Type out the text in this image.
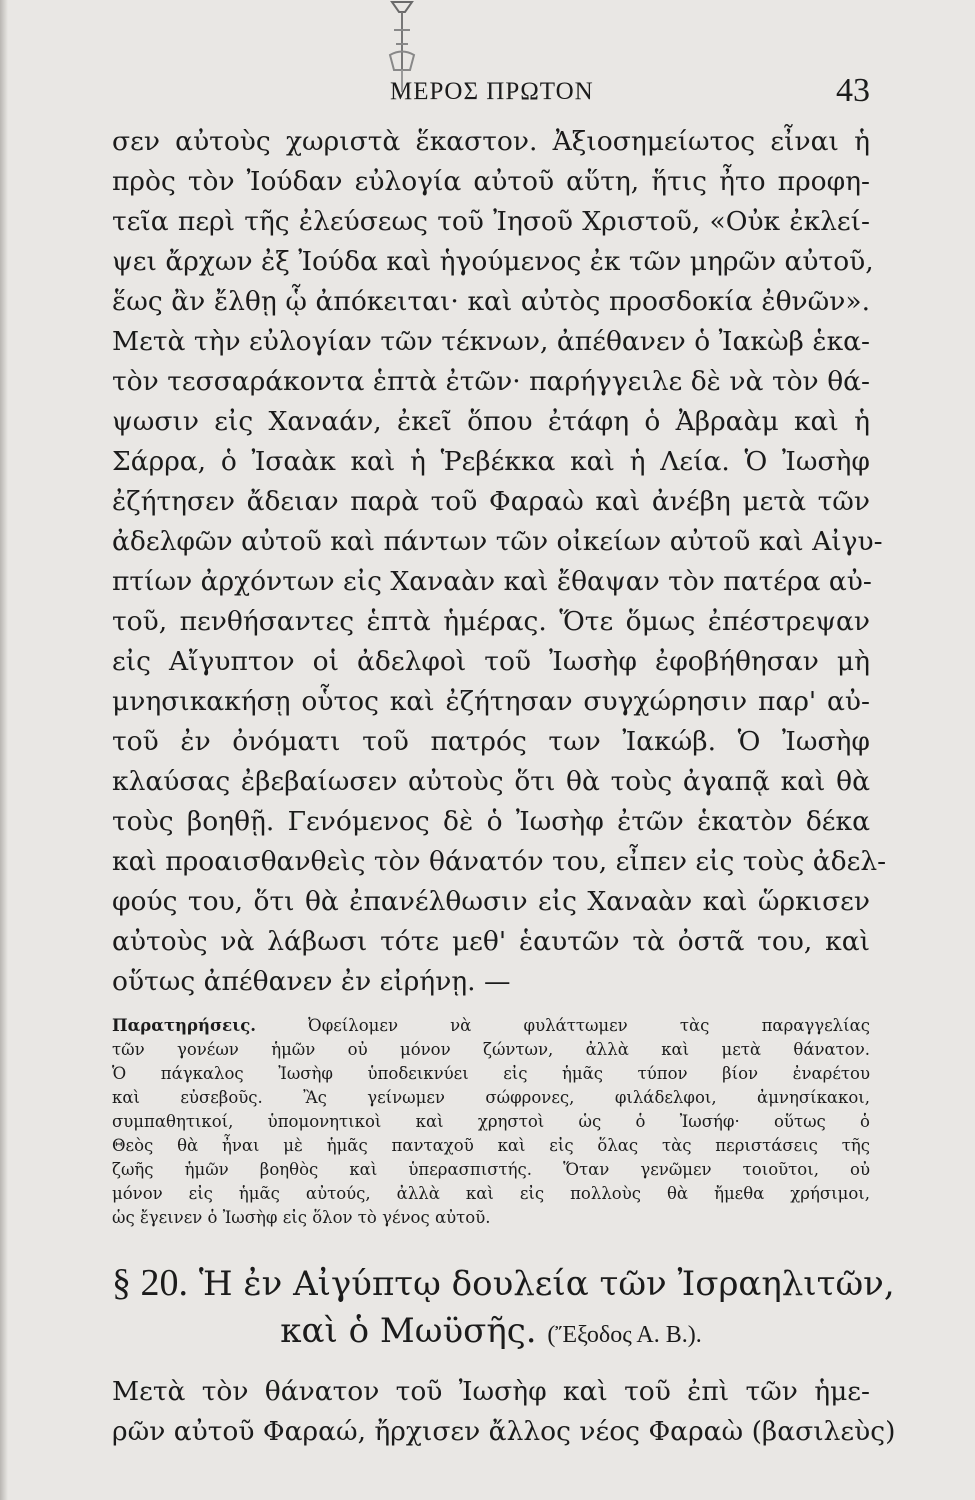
ΜΕΡΟΣ ΠΡΩΤΟΝ	43
σεν αὐτοὺς χωριστὰ ἕκαστον. Ἀξιοσημείωτος εἶναι ἡ
πρὸς τὸν Ἰούδαν εὐλογία αὐτοῦ αὕτη, ἥτις ἦτο προφη-
τεῖα περὶ τῆς ἐλεύσεως τοῦ Ἰησοῦ Χριστοῦ, «Οὐκ ἐκλεί-
ψει ἄρχων ἐξ Ἰούδα καὶ ἡγούμενος ἐκ τῶν μηρῶν αὐτοῦ,
ἕως ἂν ἔλθῃ ᾧ ἀπόκειται· καὶ αὐτὸς προσδοκία ἐθνῶν».
Μετὰ τὴν εὐλογίαν τῶν τέκνων, ἀπέθανεν ὁ Ἰακὼβ ἑκα-
τὸν τεσσαράκοντα ἑπτὰ ἐτῶν· παρήγγειλε δὲ νὰ τὸν θά-
ψωσιν εἰς Χαναάν, ἐκεῖ ὅπου ἐτάφη ὁ Ἀβραὰμ καὶ ἡ
Σάρρα, ὁ Ἰσαὰκ καὶ ἡ Ῥεβέκκα καὶ ἡ Λεία. Ὁ Ἰωσὴφ
ἐζήτησεν ἄδειαν παρὰ τοῦ Φαραὼ καὶ ἀνέβη μετὰ τῶν
ἀδελφῶν αὐτοῦ καὶ πάντων τῶν οἰκείων αὐτοῦ καὶ Αἰγυ-
πτίων ἀρχόντων εἰς Χαναὰν καὶ ἔθαψαν τὸν πατέρα αὐ-
τοῦ, πενθήσαντες ἑπτὰ ἡμέρας. Ὅτε ὅμως ἐπέστρεψαν
εἰς Αἴγυπτον οἱ ἀδελφοὶ τοῦ Ἰωσὴφ ἐφοβήθησαν μὴ
μνησικακήσῃ οὗτος καὶ ἐζήτησαν συγχώρησιν παρ' αὐ-
τοῦ ἐν ὀνόματι τοῦ πατρός των Ἰακώβ. Ὁ Ἰωσὴφ
κλαύσας ἐβεβαίωσεν αὐτοὺς ὅτι θὰ τοὺς ἀγαπᾷ καὶ θὰ
τοὺς βοηθῇ. Γενόμενος δὲ ὁ Ἰωσὴφ ἐτῶν ἑκατὸν δέκα
καὶ προαισθανθεὶς τὸν θάνατόν του, εἶπεν εἰς τοὺς ἀδελ-
φούς του, ὅτι θὰ ἐπανέλθωσιν εἰς Χαναὰν καὶ ὥρκισεν
αὐτοὺς νὰ λάβωσι τότε μεθ' ἑαυτῶν τὰ ὀστᾶ του, καὶ
οὕτως ἀπέθανεν ἐν εἰρήνῃ. —
Παρατηρήσεις. Ὀφείλομεν νὰ φυλάττωμεν τὰς παραγγελίας
τῶν γονέων ἡμῶν οὐ μόνον ζώντων, ἀλλὰ καὶ μετὰ θάνατον.
Ὁ πάγκαλος Ἰωσὴφ ὑποδεικνύει εἰς ἡμᾶς τύπον βίον ἐναρέτου
καὶ εὐσεβοῦς. Ἂς γείνωμεν σώφρονες, φιλάδελφοι, ἀμνησίκακοι,
συμπαθητικοί, ὑπομονητικοὶ καὶ χρηστοὶ ὡς ὁ Ἰωσήφ· οὕτως ὁ
Θεὸς θὰ ἦναι μὲ ἡμᾶς πανταχοῦ καὶ εἰς ὅλας τὰς περιστάσεις τῆς
ζωῆς ἡμῶν βοηθὸς καὶ ὑπερασπιστής. Ὅταν γενῶμεν τοιοῦτοι, οὐ
μόνον εἰς ἡμᾶς αὐτούς, ἀλλὰ καὶ εἰς πολλοὺς θὰ ἤμεθα χρήσιμοι,
ὡς ἔγεινεν ὁ Ἰωσὴφ εἰς ὅλον τὸ γένος αὐτοῦ.
§ 20. Ἡ ἐν Αἰγύπτῳ δουλεία τῶν Ἰσραηλιτῶν,
καὶ ὁ Μωϋσῆς. (Ἔξοδος Α. Β.).
Μετὰ τὸν θάνατον τοῦ Ἰωσὴφ καὶ τοῦ ἐπὶ τῶν ἡμε-
ρῶν αὐτοῦ Φαραώ, ἤρχισεν ἄλλος νέος Φαραὼ (βασιλεὺς)
